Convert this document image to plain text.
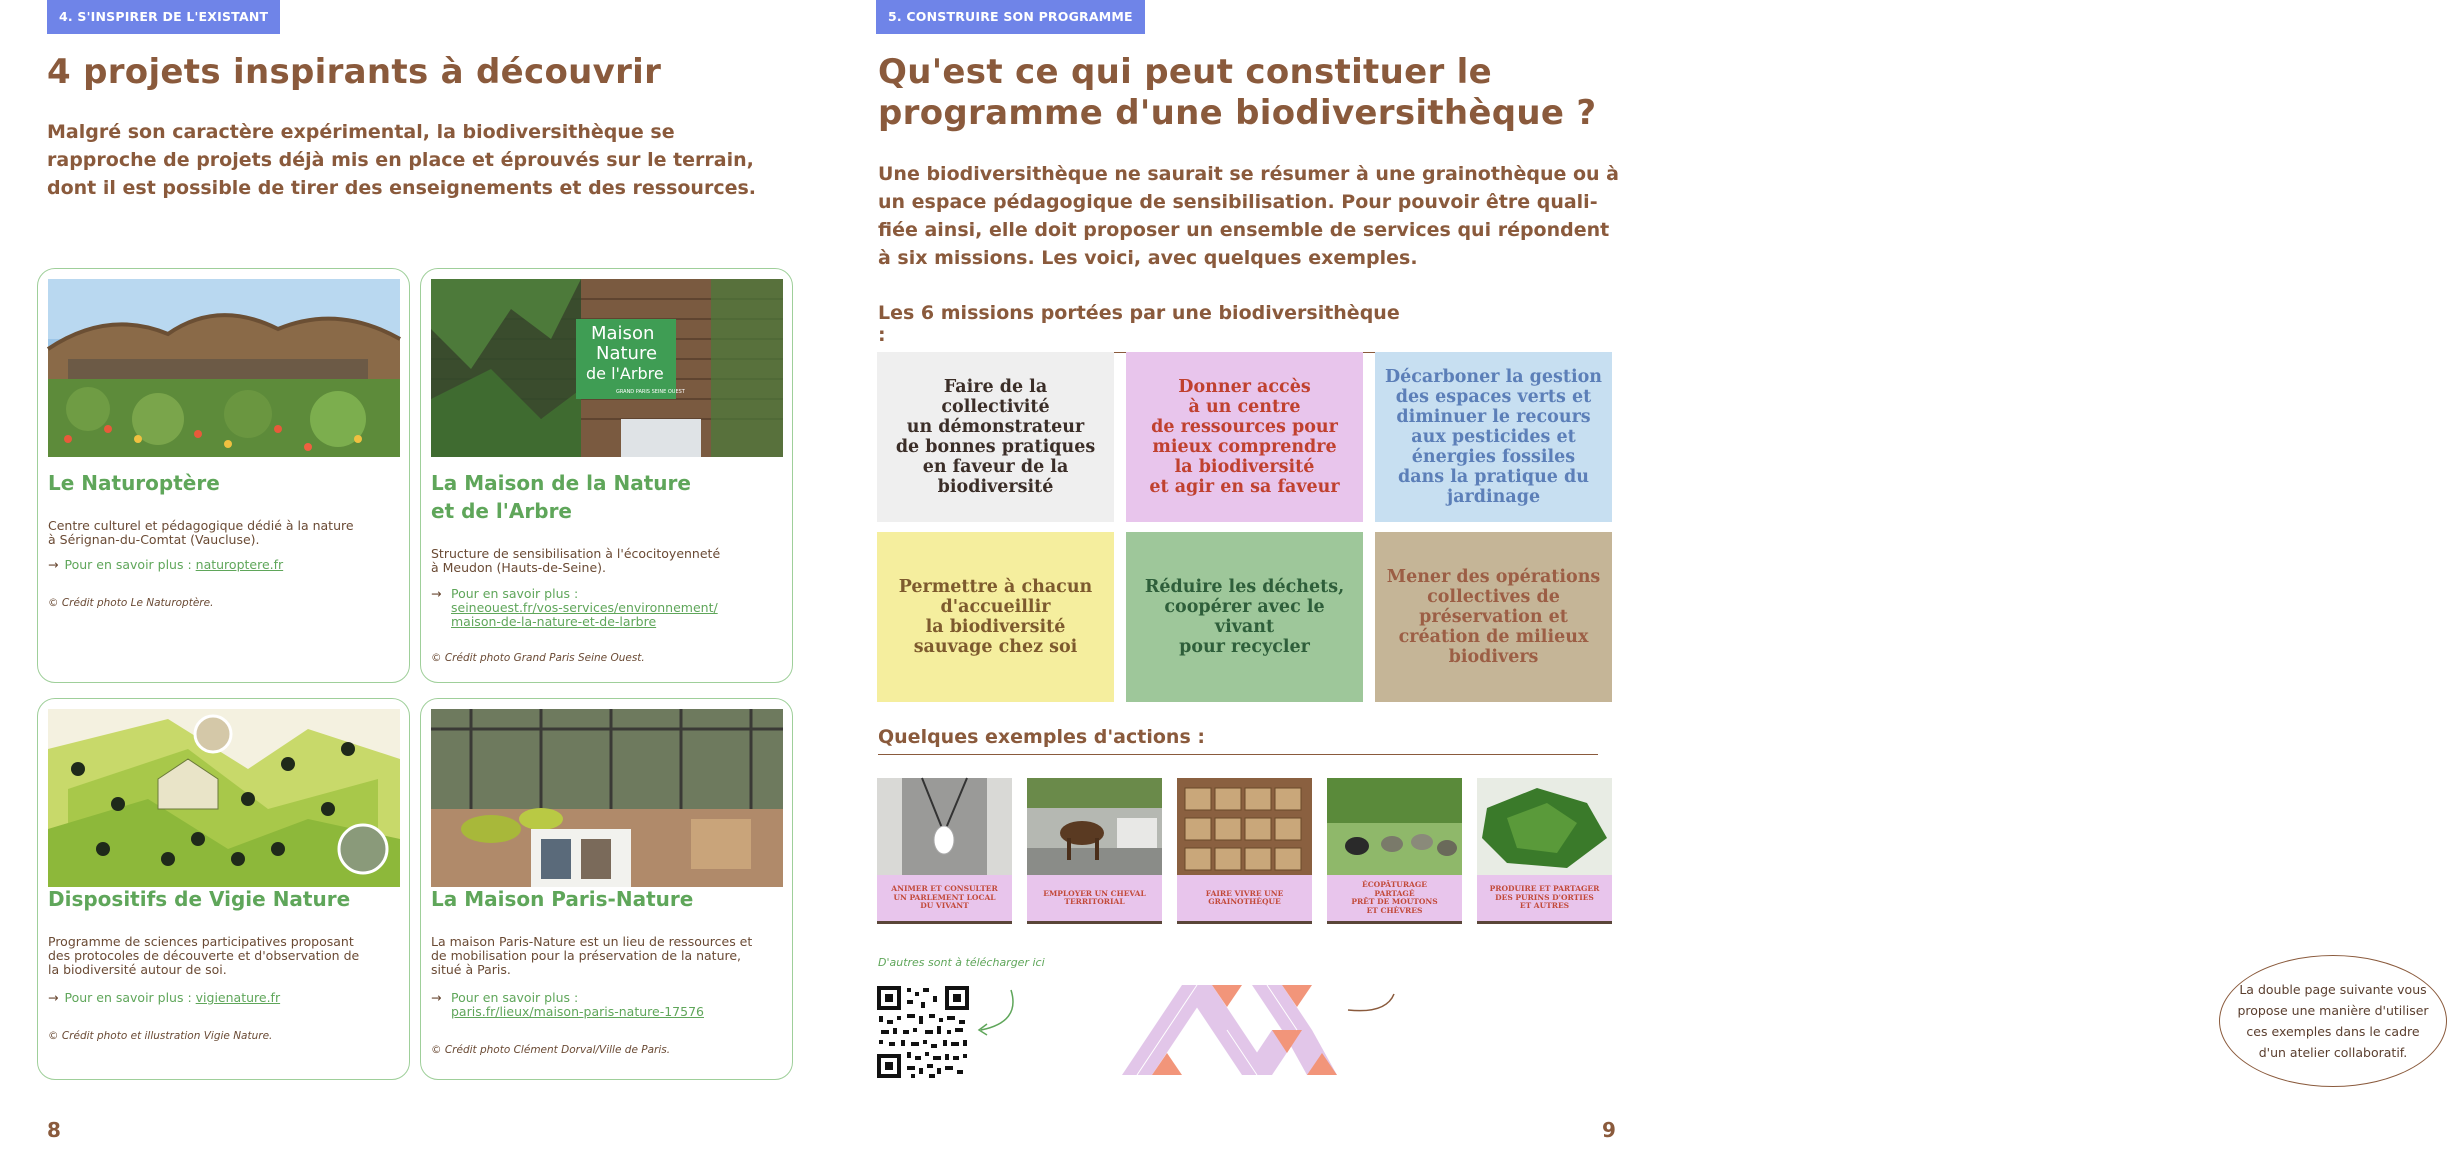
4. S'INSPIRER DE L'EXISTANT
4 projets inspirants à découvrir
Malgré son caractère expérimental, la biodiversithèque se
rapproche de projets déjà mis en place et éprouvés sur le terrain,
dont il est possible de tirer des enseignements et des ressources.
Le Naturoptère
Centre culturel et pédagogique dédié à la nature
à Sérignan-du-Comtat (Vaucluse).
→ Pour en savoir plus : naturoptere.fr
© Crédit photo Le Naturoptère.
Maison
Nature
de l'Arbre
GRAND PARIS SEINE OUEST
La Maison de la Nature
et de l'Arbre
Structure de sensibilisation à l'écocitoyenneté
à Meudon (Hauts-de-Seine).
→ Pour en savoir plus :
seineouest.fr/vos-services/environnement/
maison-de-la-nature-et-de-larbre
© Crédit photo Grand Paris Seine Ouest.
Dispositifs de Vigie Nature
Programme de sciences participatives proposant
des protocoles de découverte et d'observation de
la biodiversité autour de soi.
→ Pour en savoir plus : vigienature.fr
© Crédit photo et illustration Vigie Nature.
La Maison Paris-Nature
La maison Paris-Nature est un lieu de ressources et
de mobilisation pour la préservation de la nature,
situé à Paris.
→ Pour en savoir plus :
paris.fr/lieux/maison-paris-nature-17576
© Crédit photo Clément Dorval/Ville de Paris.
8
5. CONSTRUIRE SON PROGRAMME
Qu'est ce qui peut constituer le
programme d'une biodiversithèque ?
Une biodiversithèque ne saurait se résumer à une grainothèque ou à
un espace pédagogique de sensibilisation. Pour pouvoir être quali-
fiée ainsi, elle doit proposer un ensemble de services qui répondent
à six missions. Les voici, avec quelques exemples.
Les 6 missions portées par une biodiversithèque :
Faire de la
collectivité
un démonstrateur
de bonnes pratiques
en faveur de la
biodiversité
Donner accès
à un centre
de ressources pour
mieux comprendre
la biodiversité
et agir en sa faveur
Décarboner la gestion
des espaces verts et
diminuer le recours
aux pesticides et
énergies fossiles
dans la pratique du
jardinage
Permettre à chacun
d'accueillir
la biodiversité
sauvage chez soi
Réduire les déchets,
coopérer avec le vivant
pour recycler
Mener des opérations
collectives de
préservation et
création de milieux
biodivers
Quelques exemples d'actions :
ANIMER ET CONSULTER
UN PARLEMENT LOCAL
DU VIVANT
EMPLOYER UN CHEVAL
TERRITORIAL
FAIRE VIVRE UNE
GRAINOTHÈQUE
ÉCOPÂTURAGE
PARTAGÉ
PRÊT DE MOUTONS
ET CHÈVRES
PRODUIRE ET PARTAGER
DES PURINS D'ORTIES
ET AUTRES
D'autres sont à télécharger ici
La double page suivante vous
propose une manière d'utiliser
ces exemples dans le cadre
d'un atelier collaboratif.
9
